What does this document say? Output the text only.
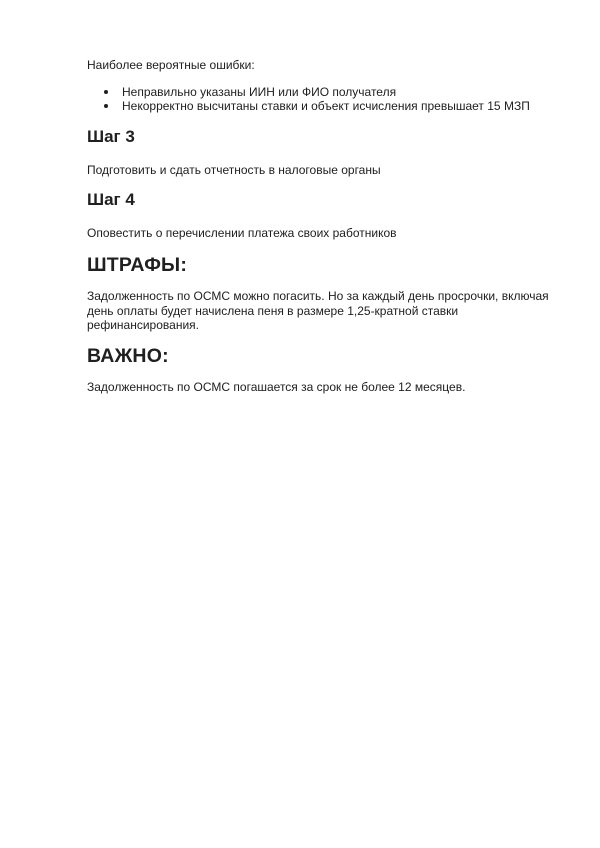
Наиболее вероятные ошибки:
Неправильно указаны ИИН или ФИО получателя
Некорректно высчитаны ставки и объект исчисления превышает 15 МЗП
Шаг 3
Подготовить и сдать отчетность в налоговые органы
Шаг 4
Оповестить о перечислении платежа своих работников
ШТРАФЫ:
Задолженность по ОСМС можно погасить. Но за каждый день просрочки, включая день оплаты будет начислена пеня в размере 1,25-кратной ставки рефинансирования.
ВАЖНО:
Задолженность по ОСМС погашается за срок не более 12 месяцев.
